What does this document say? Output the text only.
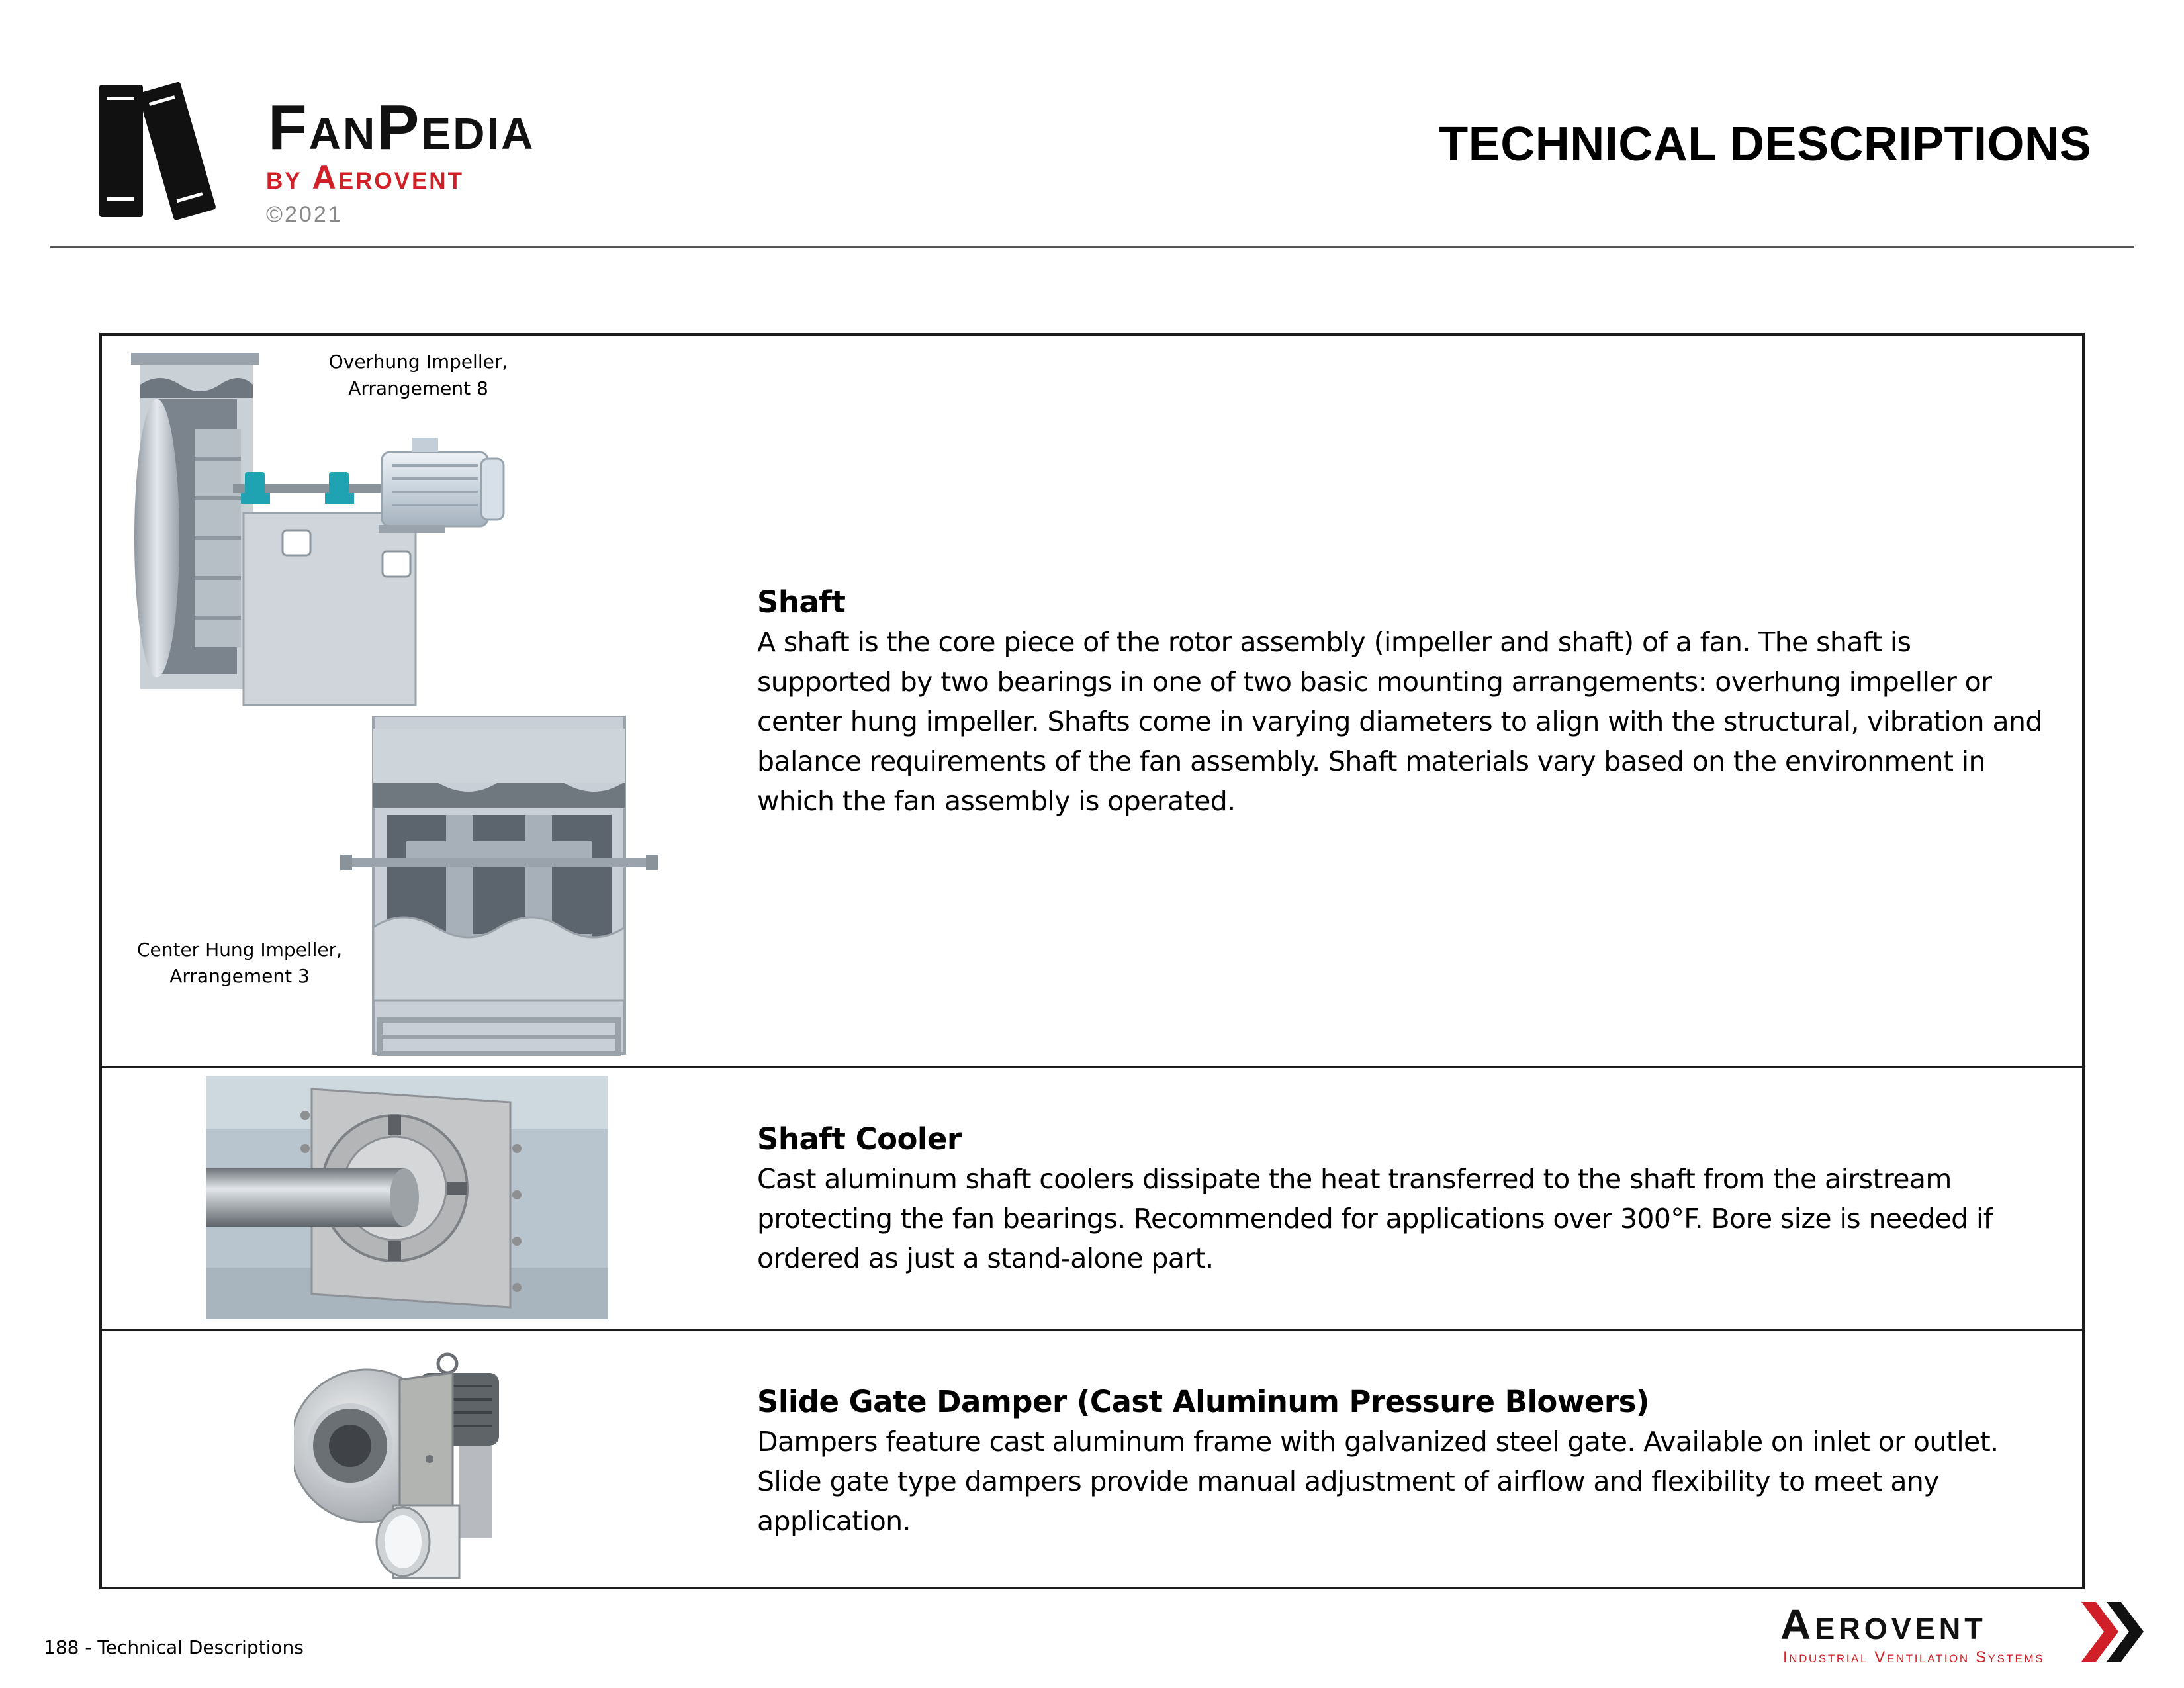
FanPedia

by Aerovent

©2021
TECHNICAL DESCRIPTIONS
Overhung Impeller,
Arrangement 8
Center Hung Impeller,
Arrangement 3
Shaft

A shaft is the core piece of the rotor assembly (impeller and shaft) of a fan. The shaft is
supported by two bearings in one of two basic mounting arrangements: overhung impeller or
center hung impeller. Shafts come in varying diameters to align with the structural, vibration and
balance requirements of the fan assembly. Shaft materials vary based on the environment in
which the fan assembly is operated.

Shaft Cooler

Cast aluminum shaft coolers dissipate the heat transferred to the shaft from the airstream
protecting the fan bearings. Recommended for applications over 300°F. Bore size is needed if
ordered as just a stand-alone part.

Slide Gate Damper (Cast Aluminum Pressure Blowers)

Dampers feature cast aluminum frame with galvanized steel gate. Available on inlet or outlet.
Slide gate type dampers provide manual adjustment of airflow and flexibility to meet any
application.

188 - Technical Descriptions	Aerovent

Industrial Ventilation Systems
